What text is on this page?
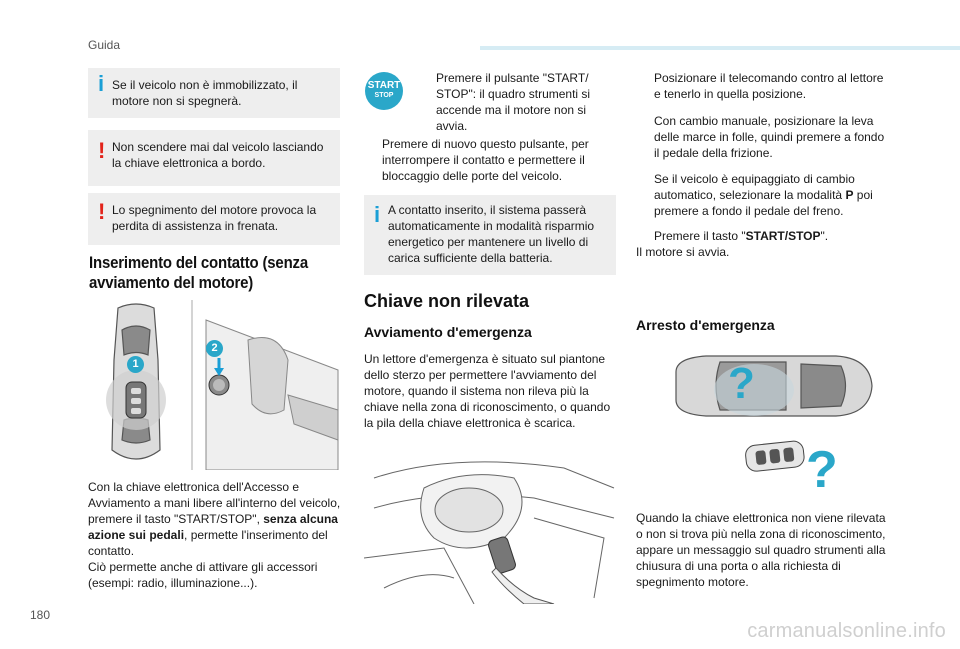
Guida
180
carmanualsonline.info
i Se il veicolo non è immobilizzato, il motore non si spegnerà.
! Non scendere mai dal veicolo lasciando la chiave elettronica a bordo.
! Lo spegnimento del motore provoca la perdita di assistenza in frenata.
Inserimento del contatto (senza
avviamento del motore)
1
2
Con la chiave elettronica dell'Accesso e Avviamento a mani libere all'interno del veicolo, premere il tasto "START/STOP", senza alcuna azione sui pedali, permette l'inserimento del contatto.
Ciò permette anche di attivare gli accessori (esempi: radio, illuminazione...).
START
STOP
Premere il pulsante "START/ STOP": il quadro strumenti si accende ma il motore non si avvia.
Premere di nuovo questo pulsante, per interrompere il contatto e permettere il bloccaggio delle porte del veicolo.
i A contatto inserito, il sistema passerà automaticamente in modalità risparmio energetico per mantenere un livello di carica sufficiente della batteria.
Chiave non rilevata
Avviamento d'emergenza
Un lettore d'emergenza è situato sul piantone dello sterzo per permettere l'avviamento del motore, quando il sistema non rileva più la chiave nella zona di riconoscimento, o quando la pila della chiave elettronica è scarica.
Posizionare il telecomando contro al lettore e tenerlo in quella posizione.
Con cambio manuale, posizionare la leva delle marce in folle, quindi premere a fondo il pedale della frizione.
Se il veicolo è equipaggiato di cambio automatico, selezionare la modalità P poi premere a fondo il pedale del freno.
Premere il tasto "START/STOP".
Il motore si avvia.
Arresto d'emergenza
?
?
Quando la chiave elettronica non viene rilevata o non si trova più nella zona di riconoscimento, appare un messaggio sul quadro strumenti alla chiusura di una porta o alla richiesta di spegnimento motore.
